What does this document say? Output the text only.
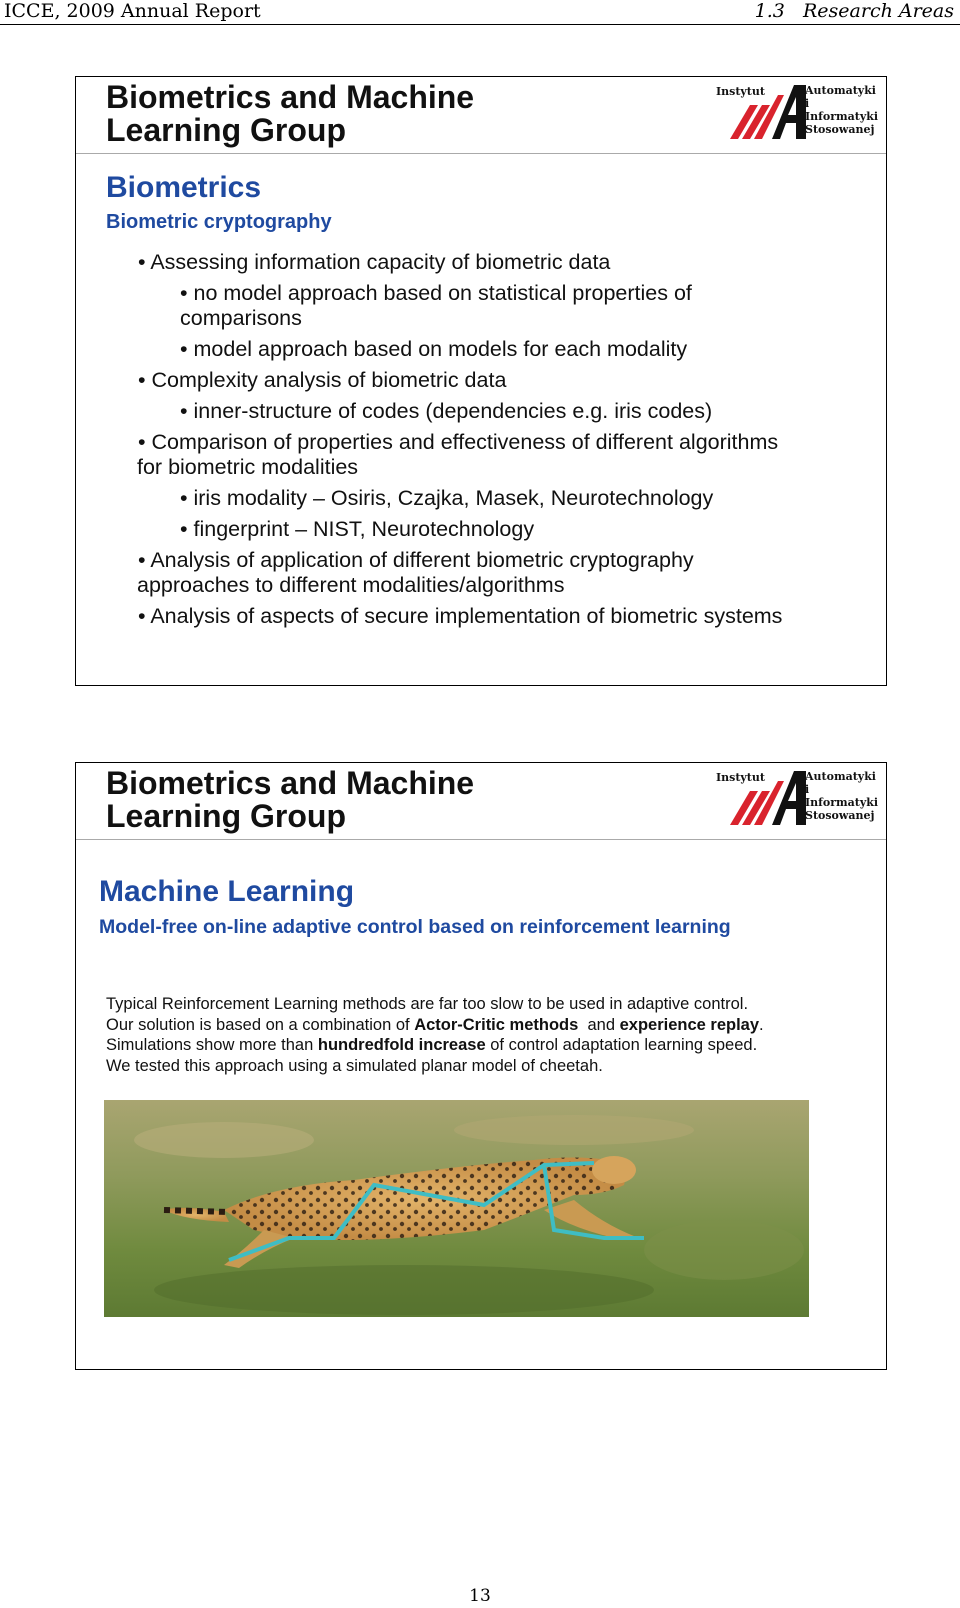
ICCE, 2009 Annual Report	1.3   Research Areas
Biometrics and Machine
Learning Group
Instytut	Automatyki
i Informatyki
Stosowanej
Biometrics
Biometric cryptography

• Assessing information capacity of biometric data

• no model approach based on statistical properties of

comparisons

• model approach based on models for each modality

• Complexity analysis of biometric data

• inner-structure of codes (dependencies e.g. iris codes)

• Comparison of properties and effectiveness of different algorithms

for biometric modalities

• iris modality – Osiris, Czajka, Masek, Neurotechnology

• fingerprint – NIST, Neurotechnology

• Analysis of application of different biometric cryptography

approaches to different modalities/algorithms

• Analysis of aspects of secure implementation of biometric systems

Biometrics and Machine
Learning Group
Instytut	Automatyki
i Informatyki
Stosowanej
Machine Learning
Model-free on-line adaptive control based on reinforcement learning

Typical Reinforcement Learning methods are far too slow to be used in adaptive control.

Our solution is based on a combination of Actor-Critic methods  and experience replay.

Simulations show more than hundredfold increase of control adaptation learning speed.

We tested this approach using a simulated planar model of cheetah.

13
